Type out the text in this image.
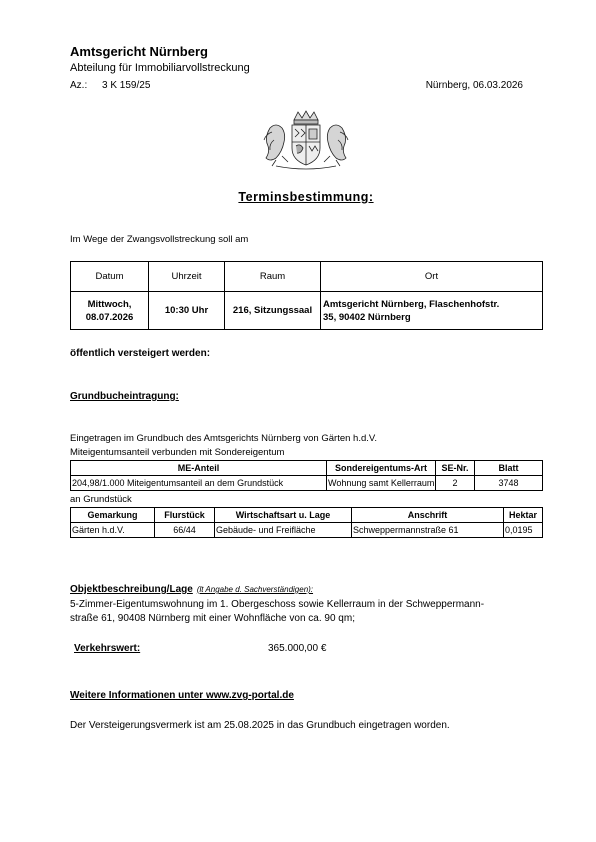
Amtsgericht Nürnberg
Abteilung für Immobiliarvollstreckung
Az.: 3 K 159/25	Nürnberg, 06.03.2026
Terminsbestimmung:
Im Wege der Zwangsvollstreckung soll am
Datum	Uhrzeit	Raum	Ort
Mittwoch,
08.07.2026	10:30 Uhr	216, Sitzungssaal	Amtsgericht Nürnberg, Flaschenhofstr.
35, 90402 Nürnberg
öffentlich versteigert werden:
Grundbucheintragung:
Eingetragen im Grundbuch des Amtsgerichts Nürnberg von Gärten h.d.V.
Miteigentumsanteil verbunden mit Sondereigentum
ME-Anteil	Sondereigentums-Art	SE-Nr.	Blatt
204,98/1.000 Miteigentumsanteil an dem Grundstück	Wohnung samt Kellerraum	2	3748
an Grundstück
Gemarkung	Flurstück	Wirtschaftsart u. Lage	Anschrift	Hektar
Gärten h.d.V.	66/44	Gebäude- und Freifläche	Schweppermannstraße 61	0,0195
Objektbeschreibung/Lage (lt Angabe d. Sachverständigen):
5-Zimmer-Eigentumswohnung im 1. Obergeschoss sowie Kellerraum in der Schweppermann-
straße 61, 90408 Nürnberg mit einer Wohnfläche von ca. 90 qm;
Verkehrswert:	365.000,00 €
Weitere Informationen unter www.zvg-portal.de
Der Versteigerungsvermerk ist am 25.08.2025 in das Grundbuch eingetragen worden.
